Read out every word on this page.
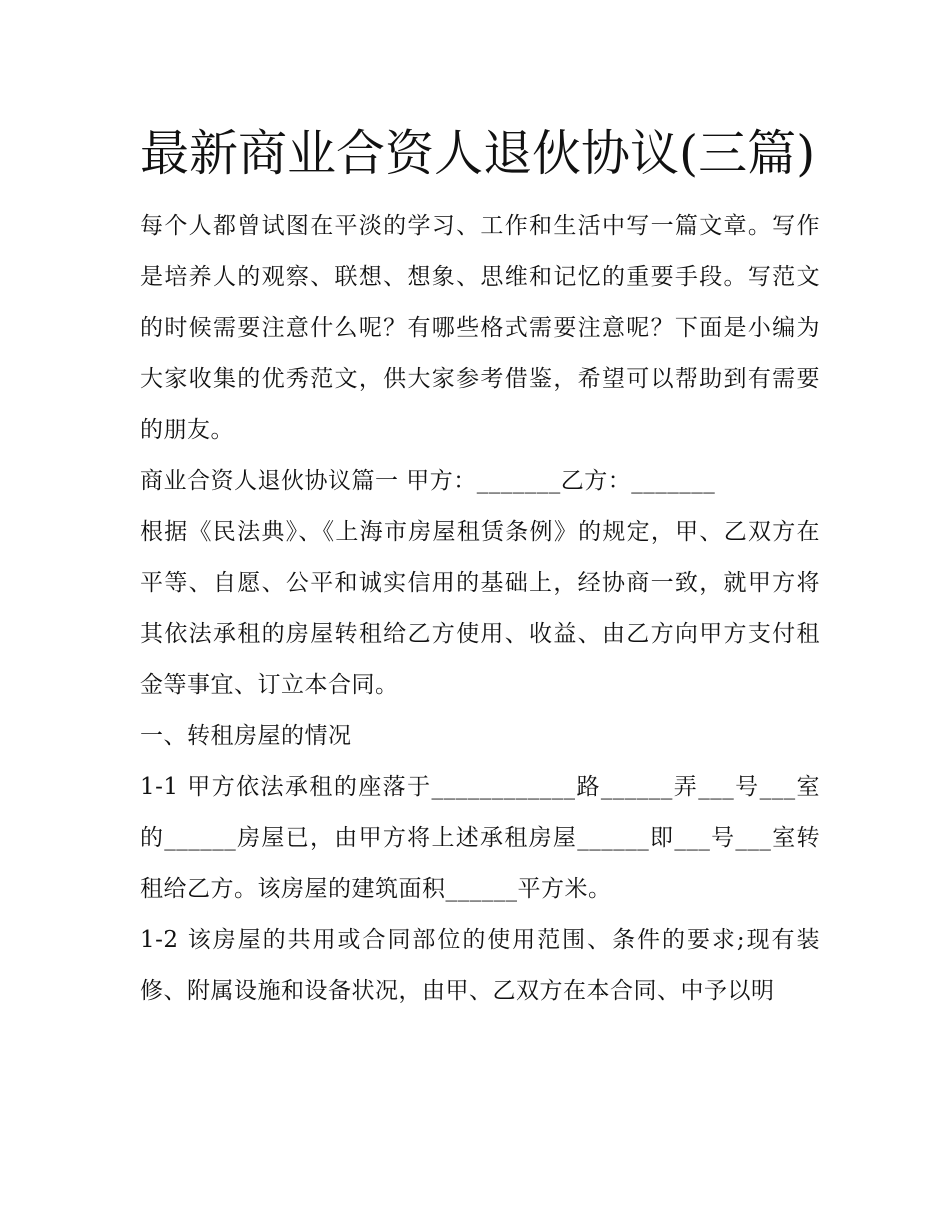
最新商业合资人退伙协议(三篇)

每个人都曾试图在平淡的学习、工作和生活中写一篇文章。写作是培养人的观察、联想、想象、思维和记忆的重要手段。写范文的时候需要注意什么呢？有哪些格式需要注意呢？下面是小编为大家收集的优秀范文，供大家参考借鉴，希望可以帮助到有需要的朋友。

商业合资人退伙协议篇一 甲方：_______乙方：_______

根据《民法典》、《上海市房屋租赁条例》的规定，甲、乙双方在平等、自愿、公平和诚实信用的基础上，经协商一致，就甲方将其依法承租的房屋转租给乙方使用、收益、由乙方向甲方支付租金等事宜、订立本合同。

一、转租房屋的情况

1-1 甲方依法承租的座落于____________路______弄___号___室的______房屋已，由甲方将上述承租房屋______即___号___室转租给乙方。该房屋的建筑面积______平方米。

1-2 该房屋的共用或合同部位的使用范围、条件的要求;现有装修、附属设施和设备状况，由甲、乙双方在本合同、中予以明
